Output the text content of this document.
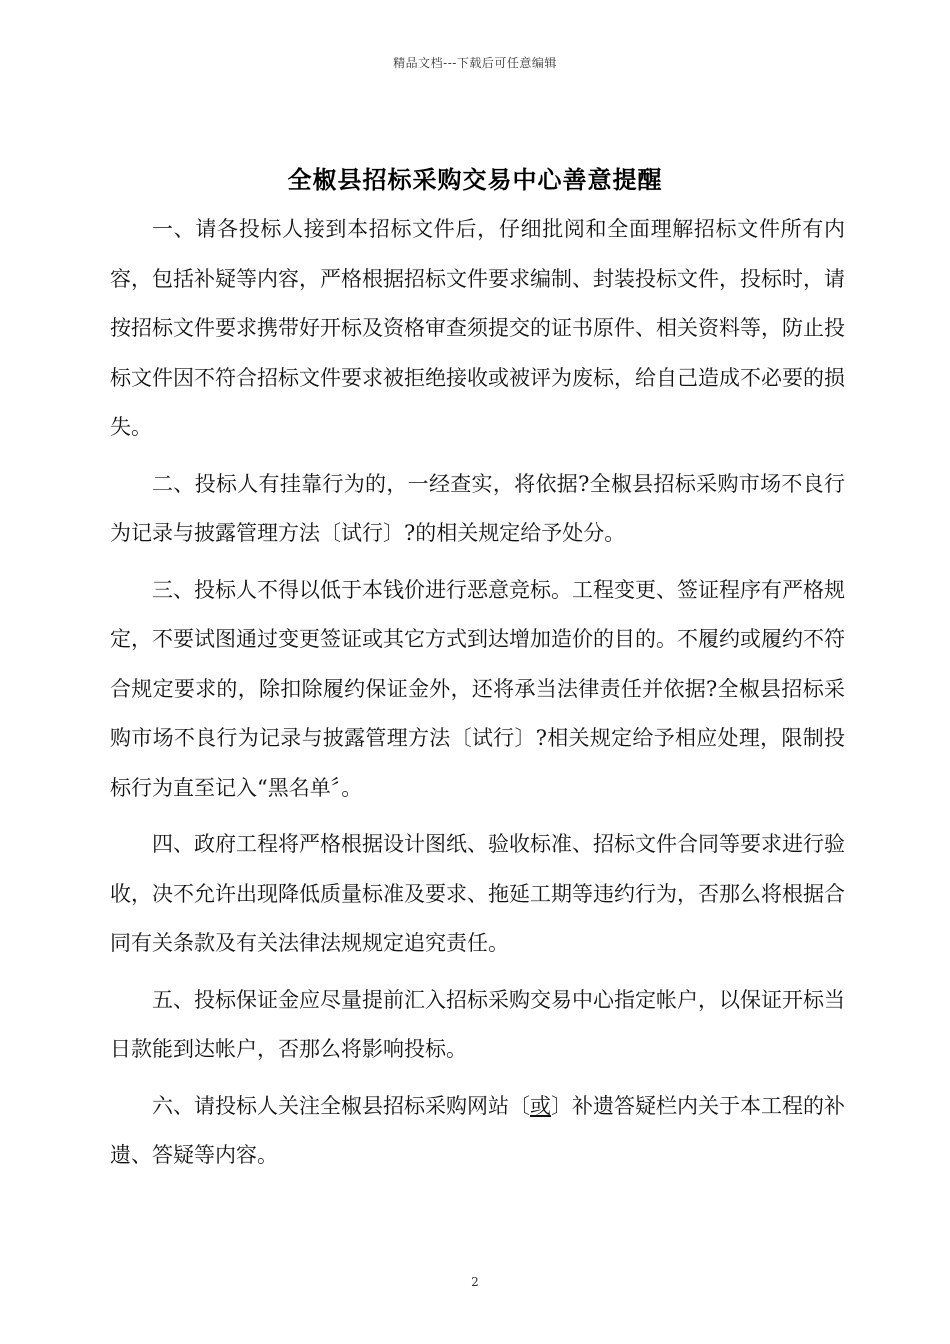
精品文档---下载后可任意编辑
全椒县招标采购交易中心善意提醒

一、请各投标人接到本招标文件后，仔细批阅和全面理解招标文件所有内容，包括补疑等内容，严格根据招标文件要求编制、封装投标文件，投标时，请按招标文件要求携带好开标及资格审查须提交的证书原件、相关资料等，防止投标文件因不符合招标文件要求被拒绝接收或被评为废标，给自己造成不必要的损失。

二、投标人有挂靠行为的，一经查实，将依据?全椒县招标采购市场不良行为记录与披露管理方法〔试行〕?的相关规定给予处分。

三、投标人不得以低于本钱价进行恶意竞标。工程变更、签证程序有严格规定，不要试图通过变更签证或其它方式到达增加造价的目的。不履约或履约不符合规定要求的，除扣除履约保证金外，还将承当法律责任并依据?全椒县招标采购市场不良行为记录与披露管理方法〔试行〕?相关规定给予相应处理，限制投标行为直至记入“黑名单〞。

四、政府工程将严格根据设计图纸、验收标准、招标文件合同等要求进行验收，决不允许出现降低质量标准及要求、拖延工期等违约行为，否那么将根据合同有关条款及有关法律法规规定追究责任。

五、投标保证金应尽量提前汇入招标采购交易中心指定帐户，以保证开标当日款能到达帐户，否那么将影响投标。

六、请投标人关注全椒县招标采购网站〔或〕补遗答疑栏内关于本工程的补遗、答疑等内容。

2
